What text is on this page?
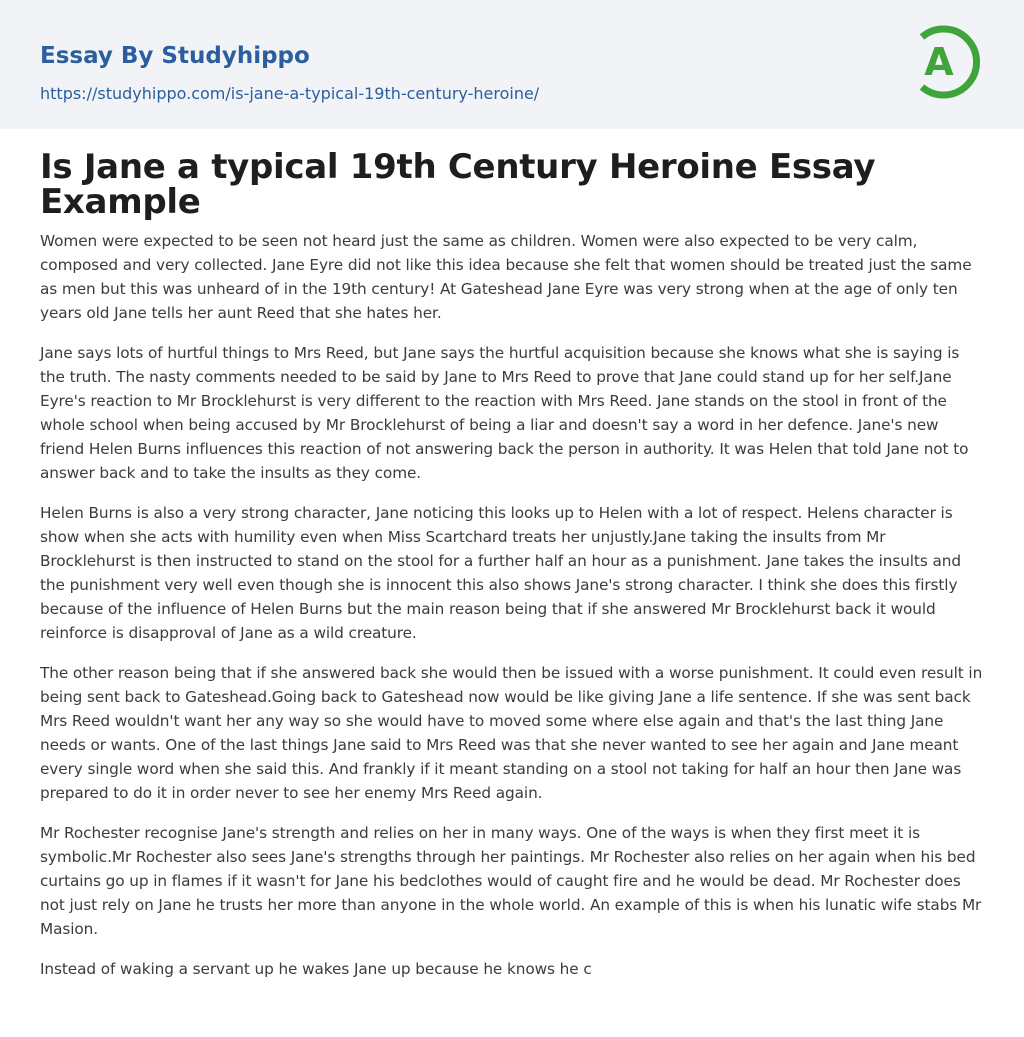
Essay By Studyhippo
https://studyhippo.com/is-jane-a-typical-19th-century-heroine/
A
Is Jane a typical 19th Century Heroine Essay Example

Women were expected to be seen not heard just the same as children. Women were also expected to be very calm, composed and very collected. Jane Eyre did not like this idea because she felt that women should be treated just the same as men but this was unheard of in the 19th century! At Gateshead Jane Eyre was very strong when at the age of only ten years old Jane tells her aunt Reed that she hates her.

Jane says lots of hurtful things to Mrs Reed, but Jane says the hurtful acquisition because she knows what she is saying is the truth. The nasty comments needed to be said by Jane to Mrs Reed to prove that Jane could stand up for her self.Jane Eyre's reaction to Mr Brocklehurst is very different to the reaction with Mrs Reed. Jane stands on the stool in front of the whole school when being accused by Mr Brocklehurst of being a liar and doesn't say a word in her defence. Jane's new friend Helen Burns influences this reaction of not answering back the person in authority. It was Helen that told Jane not to answer back and to take the insults as they come.

Helen Burns is also a very strong character, Jane noticing this looks up to Helen with a lot of respect. Helens character is show when she acts with humility even when Miss Scartchard treats her unjustly.Jane taking the insults from Mr Brocklehurst is then instructed to stand on the stool for a further half an hour as a punishment. Jane takes the insults and the punishment very well even though she is innocent this also shows Jane's strong character. I think she does this firstly because of the influence of Helen Burns but the main reason being that if she answered Mr Brocklehurst back it would reinforce is disapproval of Jane as a wild creature.

The other reason being that if she answered back she would then be issued with a worse punishment. It could even result in being sent back to Gateshead.Going back to Gateshead now would be like giving Jane a life sentence. If she was sent back Mrs Reed wouldn't want her any way so she would have to moved some where else again and that's the last thing Jane needs or wants. One of the last things Jane said to Mrs Reed was that she never wanted to see her again and Jane meant every single word when she said this. And frankly if it meant standing on a stool not taking for half an hour then Jane was prepared to do it in order never to see her enemy Mrs Reed again.

Mr Rochester recognise Jane's strength and relies on her in many ways. One of the ways is when they first meet it is symbolic.Mr Rochester also sees Jane's strengths through her paintings. Mr Rochester also relies on her again when his bed curtains go up in flames if it wasn't for Jane his bedclothes would of caught fire and he would be dead. Mr Rochester does not just rely on Jane he trusts her more than anyone in the whole world. An example of this is when his lunatic wife stabs Mr Masion.

Instead of waking a servant up he wakes Jane up because he knows he c
